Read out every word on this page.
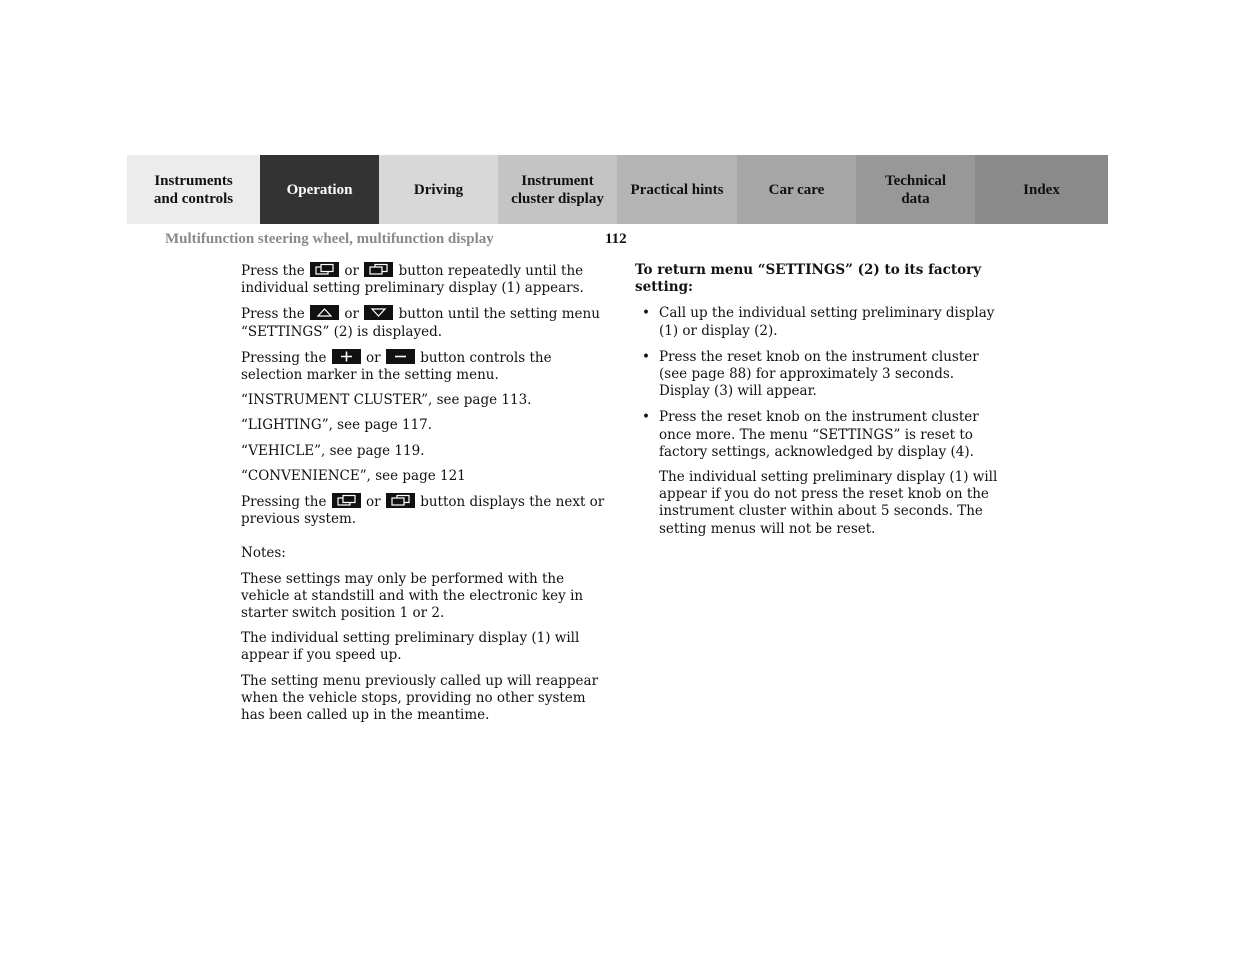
Instruments
and controls
Operation	Driving
Instrument
cluster display
Practical hints	Car care
Technical
data
Index
Multifunction steering wheel, multifunction display	112

Press the	or	button repeatedly until the individual setting preliminary display (1) appears.

Press the	or	button until the setting menu “SETTINGS” (2) is displayed.

Pressing the	or	button controls the selection marker in the setting menu.

“INSTRUMENT CLUSTER”, see page 113.

“LIGHTING”, see page 117.

“VEHICLE”, see page 119.

“CONVENIENCE”, see page 121

Pressing the	or	button displays the next or previous system.

Notes:

These settings may only be performed with the vehicle at standstill and with the electronic key in starter switch position 1 or 2.

The individual setting preliminary display (1) will appear if you speed up.

The setting menu previously called up will reappear when the vehicle stops, providing no other system has been called up in the meantime.

To return menu “SETTINGS” (2) to its factory setting:

• Call up the individual setting preliminary display (1) or display (2).
• Press the reset knob on the instrument cluster (see page 88) for approximately 3 seconds. Display (3) will appear.
• Press the reset knob on the instrument cluster once more. The menu “SETTINGS” is reset to factory settings, acknowledged by display (4).

The individual setting preliminary display (1) will appear if you do not press the reset knob on the instrument cluster within about 5 seconds. The setting menus will not be reset.
